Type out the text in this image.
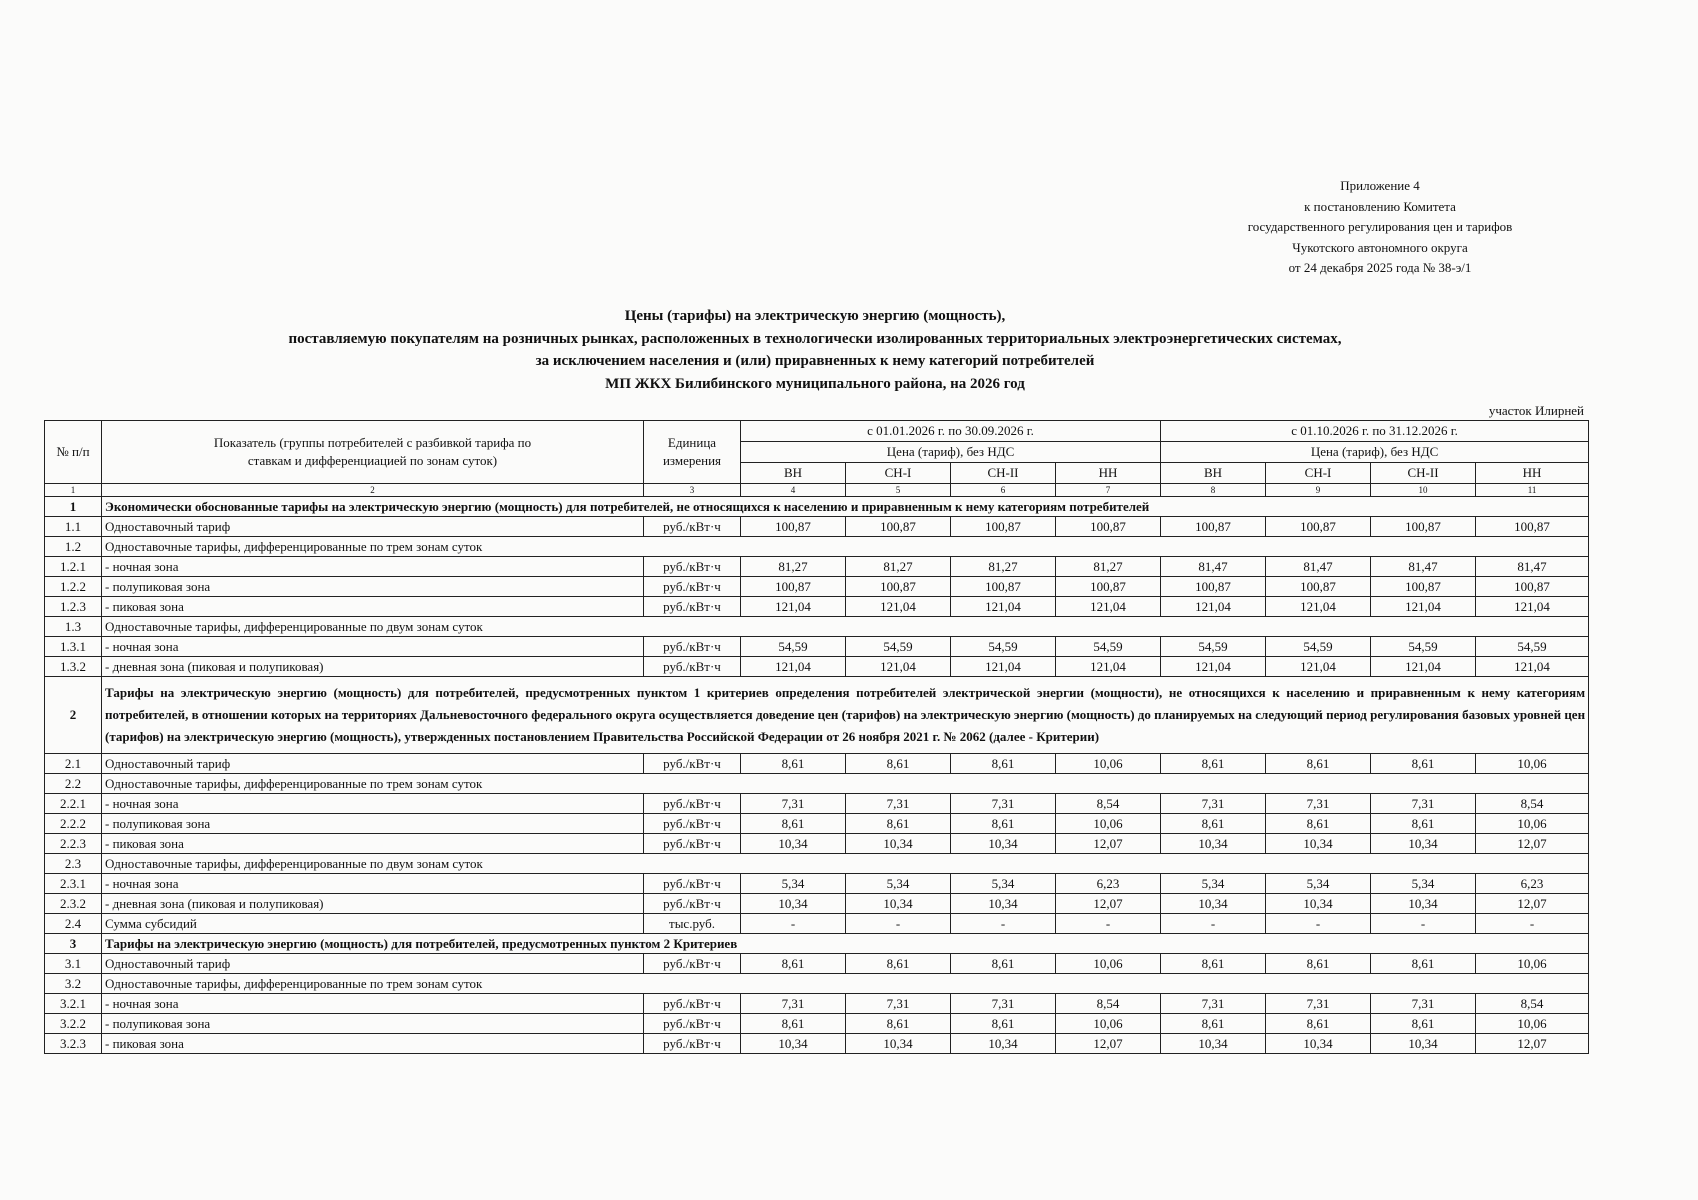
Приложение 4
к постановлению Комитета
государственного регулирования цен и тарифов
Чукотского автономного округа
от 24 декабря 2025 года № 38-э/1
Цены (тарифы) на электрическую энергию (мощность),
поставляемую покупателям на розничных рынках, расположенных в технологически изолированных территориальных электроэнергетических системах,
за исключением населения и (или) приравненных к нему категорий потребителей
МП ЖКХ Билибинского муниципального района, на 2026 год
участок Илирней
№ п/п	Показатель (группы потребителей с разбивкой тарифа по ставкам и дифференциацией по зонам суток)	Единица измерения	с 01.01.2026 г. по 30.09.2026 г.				с 01.10.2026 г. по 31.12.2026 г.			
			Цена (тариф), без НДС				Цена (тариф), без НДС			
			ВН	СН-I	СН-II	НН	ВН	СН-I	СН-II	НН
1	2	3	4	5	6	7	8	9	10	11
1	Экономически обоснованные тарифы на электрическую энергию (мощность) для потребителей, не относящихся к населению и приравненным к нему категориям потребителей									
1.1	Одноставочный тариф	руб./кВт·ч	100,87	100,87	100,87	100,87	100,87	100,87	100,87	100,87
1.2	Одноставочные тарифы, дифференцированные по трем зонам суток									
1.2.1	- ночная зона	руб./кВт·ч	81,27	81,27	81,27	81,27	81,47	81,47	81,47	81,47
1.2.2	- полупиковая зона	руб./кВт·ч	100,87	100,87	100,87	100,87	100,87	100,87	100,87	100,87
1.2.3	- пиковая зона	руб./кВт·ч	121,04	121,04	121,04	121,04	121,04	121,04	121,04	121,04
1.3	Одноставочные тарифы, дифференцированные по двум зонам суток									
1.3.1	- ночная зона	руб./кВт·ч	54,59	54,59	54,59	54,59	54,59	54,59	54,59	54,59
1.3.2	- дневная зона (пиковая и полупиковая)	руб./кВт·ч	121,04	121,04	121,04	121,04	121,04	121,04	121,04	121,04
2	Тарифы на электрическую энергию (мощность) для потребителей, предусмотренных пунктом 1 критериев определения потребителей электрической энергии (мощности), не относящихся к населению и приравненным к нему категориям потребителей, в отношении которых на территориях Дальневосточного федерального округа осуществляется доведение цен (тарифов) на электрическую энергию (мощность) до планируемых на следующий период регулирования базовых уровней цен (тарифов) на электрическую энергию (мощность), утвержденных постановлением Правительства Российской Федерации от 26 ноября 2021 г. № 2062 (далее - Критерии)									
2.1	Одноставочный тариф	руб./кВт·ч	8,61	8,61	8,61	10,06	8,61	8,61	8,61	10,06
2.2	Одноставочные тарифы, дифференцированные по трем зонам суток									
2.2.1	- ночная зона	руб./кВт·ч	7,31	7,31	7,31	8,54	7,31	7,31	7,31	8,54
2.2.2	- полупиковая зона	руб./кВт·ч	8,61	8,61	8,61	10,06	8,61	8,61	8,61	10,06
2.2.3	- пиковая зона	руб./кВт·ч	10,34	10,34	10,34	12,07	10,34	10,34	10,34	12,07
2.3	Одноставочные тарифы, дифференцированные по двум зонам суток									
2.3.1	- ночная зона	руб./кВт·ч	5,34	5,34	5,34	6,23	5,34	5,34	5,34	6,23
2.3.2	- дневная зона (пиковая и полупиковая)	руб./кВт·ч	10,34	10,34	10,34	12,07	10,34	10,34	10,34	12,07
2.4	Сумма субсидий	тыс.руб.	-	-	-	-	-	-	-	-
3	Тарифы на электрическую энергию (мощность) для потребителей, предусмотренных пунктом 2 Критериев									
3.1	Одноставочный тариф	руб./кВт·ч	8,61	8,61	8,61	10,06	8,61	8,61	8,61	10,06
3.2	Одноставочные тарифы, дифференцированные по трем зонам суток									
3.2.1	- ночная зона	руб./кВт·ч	7,31	7,31	7,31	8,54	7,31	7,31	7,31	8,54
3.2.2	- полупиковая зона	руб./кВт·ч	8,61	8,61	8,61	10,06	8,61	8,61	8,61	10,06
3.2.3	- пиковая зона	руб./кВт·ч	10,34	10,34	10,34	12,07	10,34	10,34	10,34	12,07
